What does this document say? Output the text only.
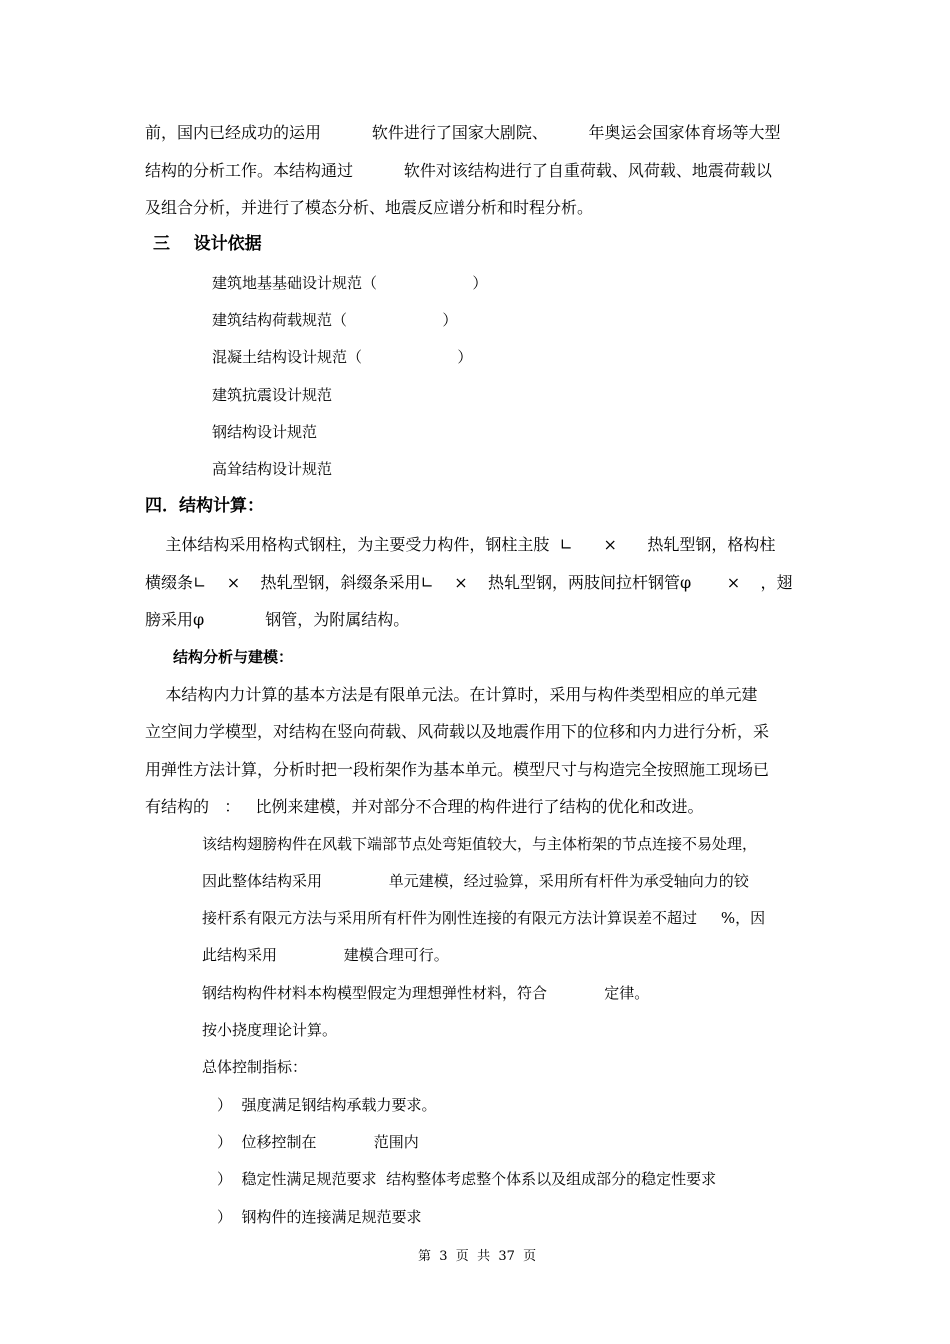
前，国内已经成功的运用          软件进行了国家大剧院、        年奥运会国家体育场等大型
结构的分析工作。本结构通过          软件对该结构进行了自重荷载、风荷载、地震荷载以
及组合分析，并进行了模态分析、地震反应谱分析和时程分析。
三    设计依据
建筑地基基础设计规范（                    ）
建筑结构荷载规范（                    ）
混凝土结构设计规范（                    ）
建筑抗震设计规范
钢结构设计规范
高耸结构设计规范
四．结构计算：
主体结构采用格构式钢柱，为主要受力构件，钢柱主肢  ∟      ×      热轧型钢，格构柱
横缀条∟    ×    热轧型钢，斜缀条采用∟    ×    热轧型钢，两肢间拉杆钢管φ       ×    ，翅
膀采用φ            钢管，为附属结构。
结构分析与建模：
本结构内力计算的基本方法是有限单元法。在计算时，采用与构件类型相应的单元建
立空间力学模型，对结构在竖向荷载、风荷载以及地震作用下的位移和内力进行分析，采
用弹性方法计算，分析时把一段桁架作为基本单元。模型尺寸与构造完全按照施工现场已
有结构的   ：   比例来建模，并对部分不合理的构件进行了结构的优化和改进。
该结构翅膀构件在风载下端部节点处弯矩值较大，与主体桁架的节点连接不易处理，
因此整体结构采用              单元建模，经过验算，采用所有杆件为承受轴向力的铰
接杆系有限元方法与采用所有杆件为刚性连接的有限元方法计算误差不超过     %，因
此结构采用              建模合理可行。
钢结构构件材料本构模型假定为理想弹性材料，符合            定律。
按小挠度理论计算。
总体控制指标：
）  强度满足钢结构承载力要求。
）  位移控制在            范围内
）  稳定性满足规范要求  结构整体考虑整个体系以及组成部分的稳定性要求
）  钢构件的连接满足规范要求
第  3  页  共  37  页
